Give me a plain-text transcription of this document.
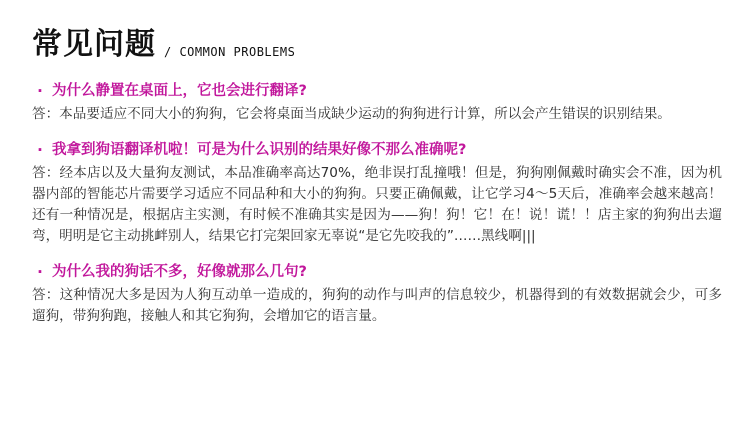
常见问题 / COMMON PROBLEMS
· 为什么静置在桌面上，它也会进行翻译?
答：本品要适应不同大小的狗狗，它会将桌面当成缺少运动的狗狗进行计算，所以会产生错误的识别结果。
· 我拿到狗语翻译机啦！可是为什么识别的结果好像不那么准确呢?
答：经本店以及大量狗友测试，本品准确率高达70%，绝非误打乱撞哦！但是，狗狗刚佩戴时确实会不准，因为机器内部的智能芯片需要学习适应不同品种和大小的狗狗。只要正确佩戴，让它学习4～5天后，准确率会越来越高！还有一种情况是，根据店主实测，有时候不准确其实是因为——狗！狗！它！在！说！谎！！店主家的狗狗出去遛弯，明明是它主动挑衅别人，结果它打完架回家无辜说“是它先咬我的”……黑线啊|||
· 为什么我的狗话不多，好像就那么几句?
答：这种情况大多是因为人狗互动单一造成的，狗狗的动作与叫声的信息较少，机器得到的有效数据就会少，可多遛狗，带狗狗跑，接触人和其它狗狗，会增加它的语言量。
